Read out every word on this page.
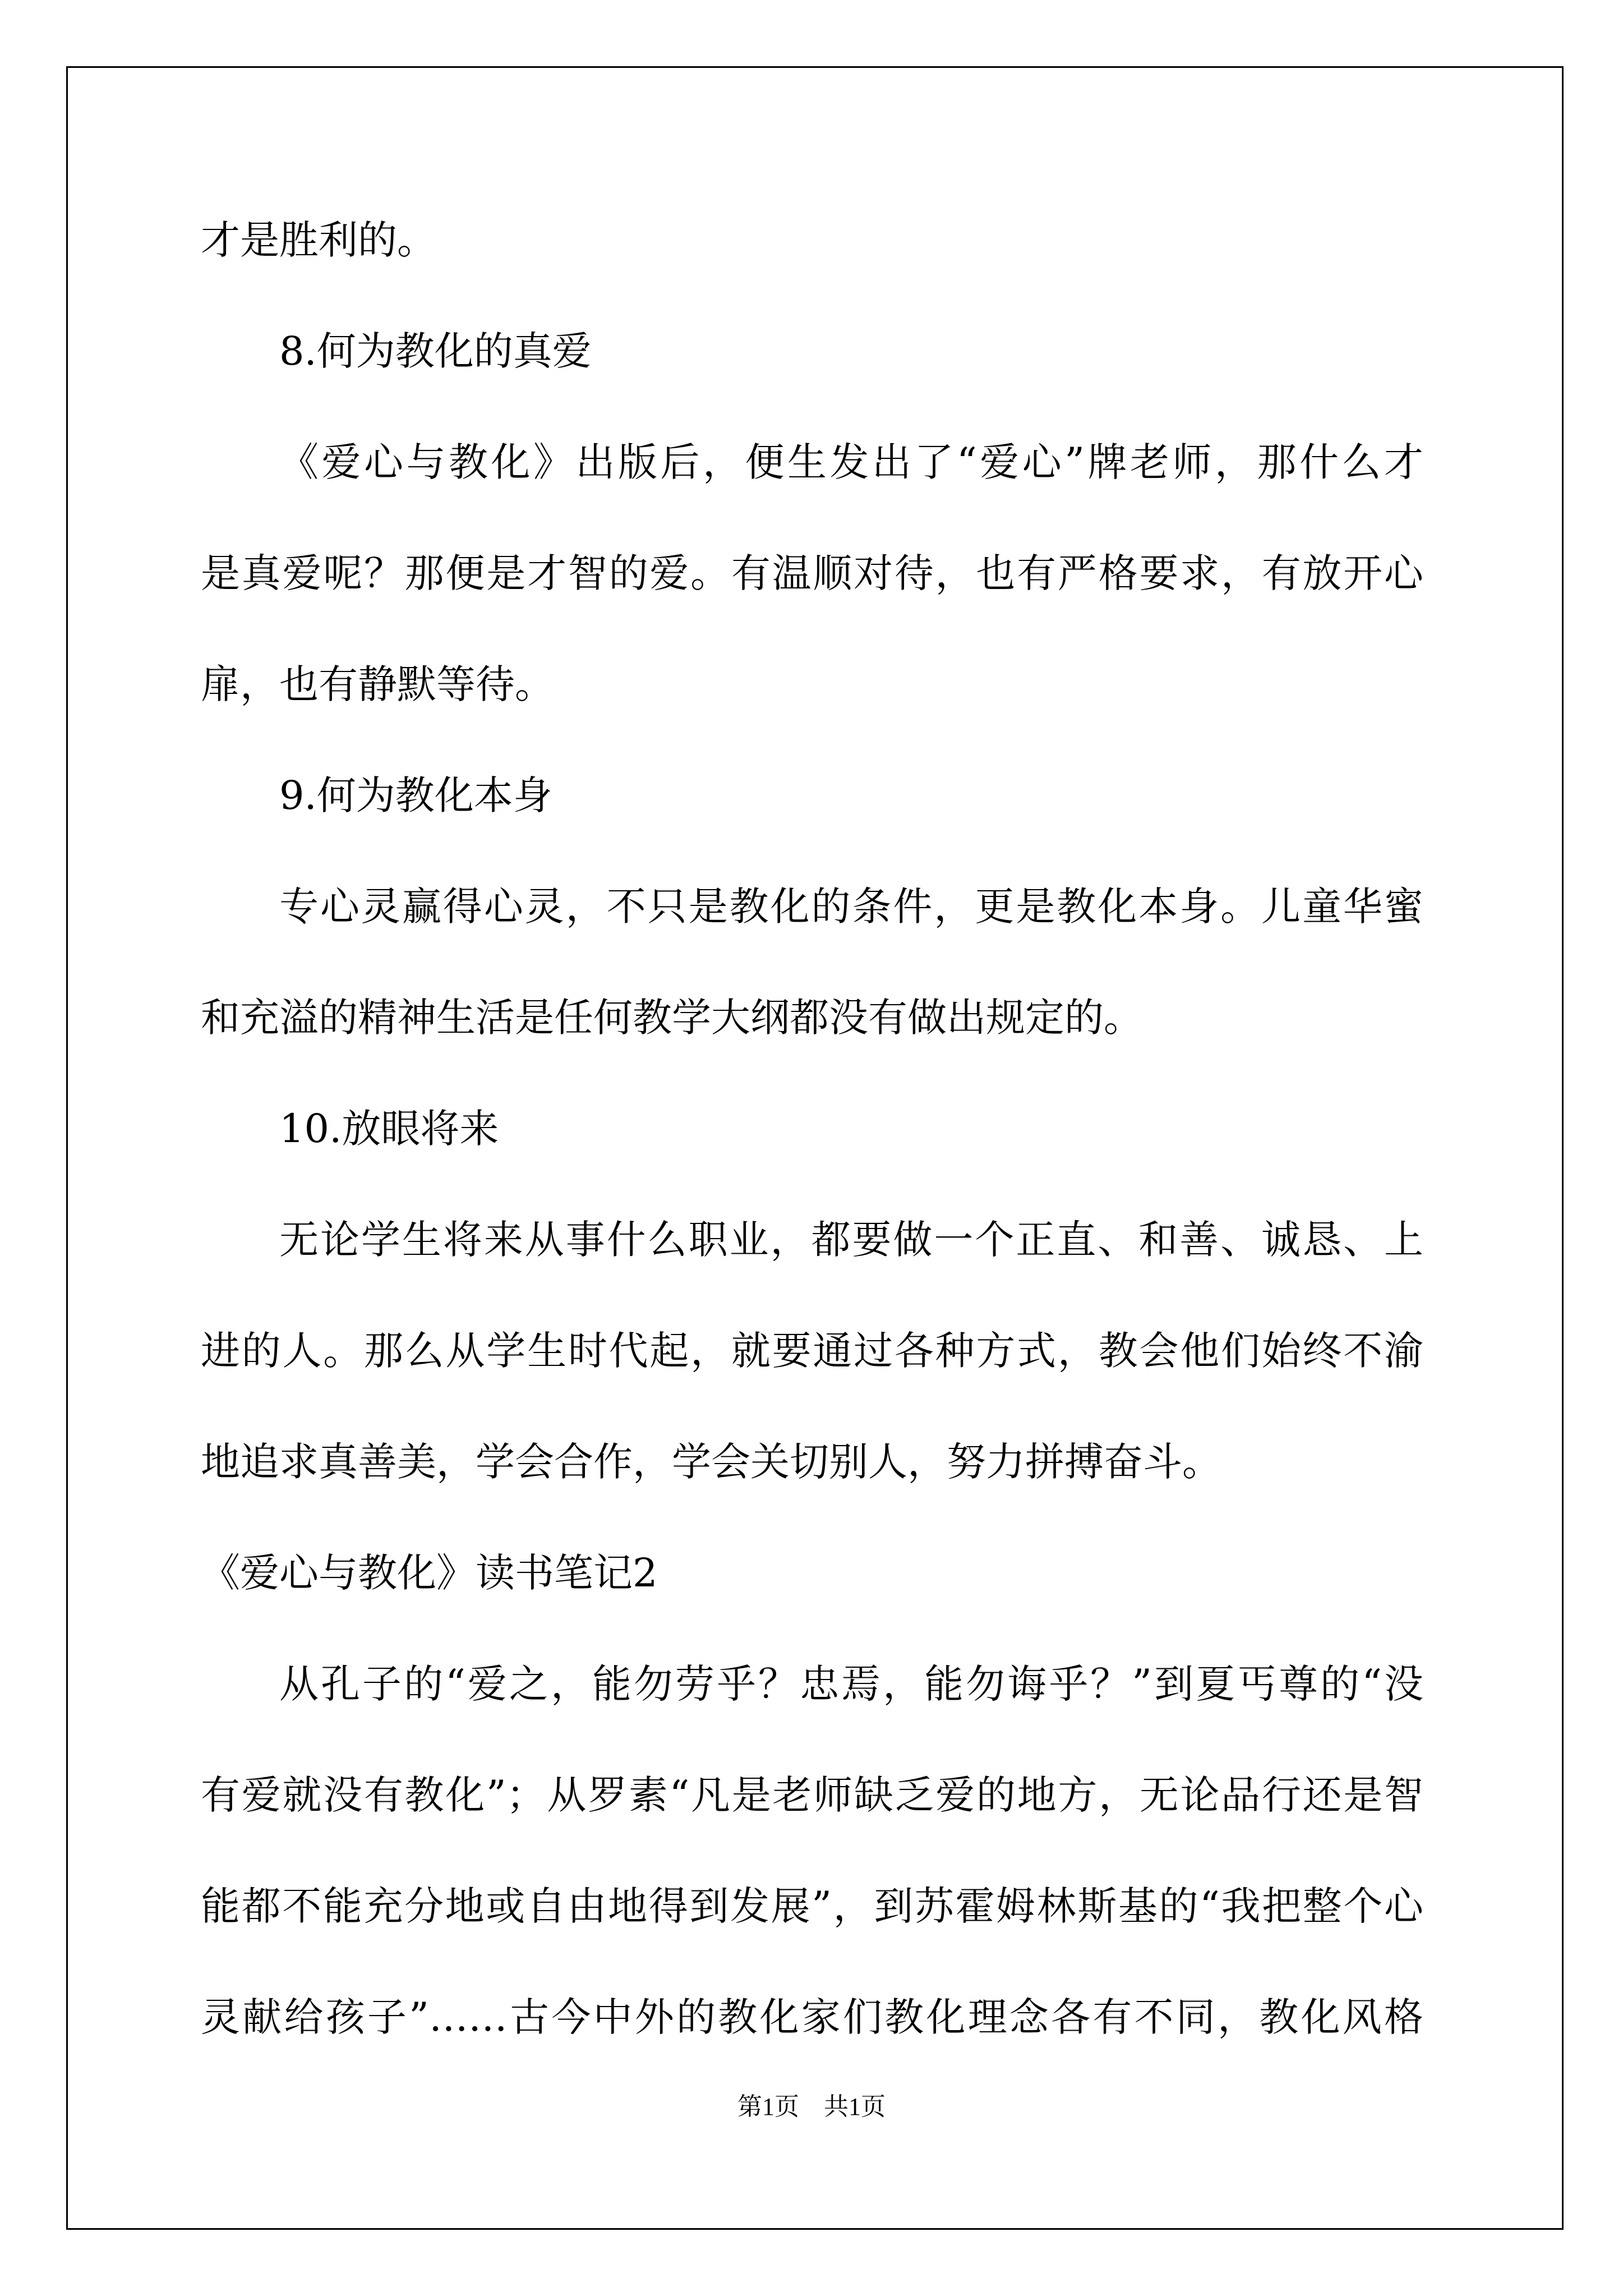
才是胜利的。
8.何为教化的真爱
《爱心与教化》出版后，便生发出了“爱心”牌老师，那什么才
是真爱呢？那便是才智的爱。有温顺对待，也有严格要求，有放开心
扉，也有静默等待。
9.何为教化本身
专心灵赢得心灵，不只是教化的条件，更是教化本身。儿童华蜜
和充溢的精神生活是任何教学大纲都没有做出规定的。
10.放眼将来
无论学生将来从事什么职业，都要做一个正直、和善、诚恳、上
进的人。那么从学生时代起，就要通过各种方式，教会他们始终不渝
地追求真善美，学会合作，学会关切别人，努力拼搏奋斗。
《爱心与教化》读书笔记2
从孔子的“爱之，能勿劳乎？忠焉，能勿诲乎？”到夏丐尊的“没
有爱就没有教化”；从罗素“凡是老师缺乏爱的地方，无论品行还是智
能都不能充分地或自由地得到发展”，到苏霍姆林斯基的“我把整个心
灵献给孩子”……古今中外的教化家们教化理念各有不同，教化风格
第1页　共1页
